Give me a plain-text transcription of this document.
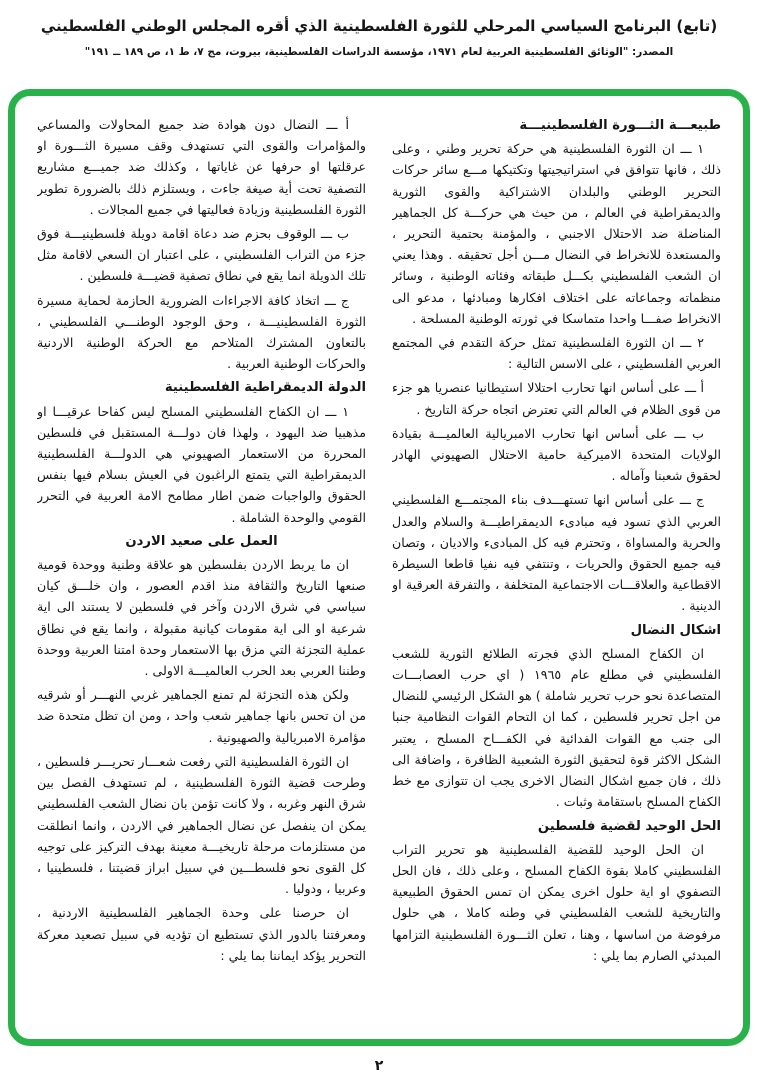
(تابع) البرنامج السياسي المرحلي للثورة الفلسطينية الذي أقره المجلس الوطني الفلسطيني
المصدر: "الوثائق الفلسطينية العربية لعام ١٩٧١، مؤسسة الدراسات الفلسطينية، بيروت، مج ٧، ط ١، ص ١٨٩ ــ ١٩١"
طبيعـــة الثـــورة الفلسطينيـــة

١ ـــ ان الثورة الفلسطينية هي حركة تحرير وطني ، وعلى ذلك ، فانها تتوافق في استراتيجيتها وتكتيكها مـــع سائر حركات التحرير الوطني والبلدان الاشتراكية والقوى الثورية والديمقراطية في العالم ، من حيث هي حركـــة كل الجماهير المناضلة ضد الاحتلال الاجنبي ، والمؤمنة بحتمية التحرير ، والمستعدة للانخراط في النضال مـــن أجل تحقيقه . وهذا يعني ان الشعب الفلسطيني بكـــل طبقاته وفئاته الوطنية ، وسائر منظماته وجماعاته على اختلاف افكارها ومبادئها ، مدعو الى الانخراط صفـــا واحدا متماسكا في ثورته الوطنية المسلحة .

٢ ـــ ان الثورة الفلسطينية تمثل حركة التقدم في المجتمع العربي الفلسطيني ، على الاسس التالية :

أ ـــ على أساس انها تحارب احتلالا استيطانيا عنصريا هو جزء من قوى الظلام في العالم التي تعترض اتجاه حركة التاريخ .

ب ـــ على أساس انها تحارب الامبريالية العالميـــة بقيادة الولايات المتحدة الاميركية حامية الاحتلال الصهيوني الهادر لحقوق شعبنا وآماله .

ج ـــ على أساس انها تستهـــدف بناء المجتمـــع الفلسطيني العربي الذي تسود فيه مبادىء الديمقراطيـــة والسلام والعدل والحرية والمساواة ، وتحترم فيه كل المبادىء والاديان ، وتصان فيه جميع الحقوق والحريات ، وتنتفي فيه نفيا قاطعا السيطرة الاقطاعية والعلاقـــات الاجتماعية المتخلفة ، والتفرقة العرقية او الدينية .

اشكال النضال

ان الكفاح المسلح الذي فجرته الطلائع الثورية للشعب الفلسطيني في مطلع عام ١٩٦٥ ( اي حرب العصابـــات المتصاعدة نحو حرب تحرير شاملة ) هو الشكل الرئيسي للنضال من اجل تحرير فلسطين ، كما ان التحام القوات النظامية جنبا الى جنب مع القوات الفدائية في الكفـــاح المسلح ، يعتبر الشكل الاكثر قوة لتحقيق الثورة الشعبية الظافرة ، واضافة الى ذلك ، فان جميع اشكال النضال الاخرى يجب ان تتوازى مع خط الكفاح المسلح باستقامة وثبات .

الحل الوحيد لقضية فلسطين

ان الحل الوحيد للقضية الفلسطينية هو تحرير التراب الفلسطيني كاملا بقوة الكفاح المسلح ، وعلى ذلك ، فان الحل التصفوي او اية حلول اخرى يمكن ان تمس الحقوق الطبيعية والتاريخية للشعب الفلسطيني في وطنه كاملا ، هي حلول مرفوضة من اساسها ، وهنا ، تعلن الثـــورة الفلسطينية التزامها المبدئي الصارم بما يلي :

أ ـــ النضال دون هوادة ضد جميع المحاولات والمساعي والمؤامرات والقوى التي تستهدف وقف مسيرة الثـــورة او عرقلتها او حرفها عن غاياتها ، وكذلك ضد جميـــع مشاريع التصفية تحت أية صيغة جاءت ، ويستلزم ذلك بالضرورة تطوير الثورة الفلسطينية وزيادة فعاليتها في جميع المجالات .

ب ـــ الوقوف بحزم ضد دعاة اقامة دويلة فلسطينيـــة فوق جزء من التراب الفلسطيني ، على اعتبار ان السعي لاقامة مثل تلك الدويلة انما يقع في نطاق تصفية قضيـــة فلسطين .

ج ـــ اتخاذ كافة الاجراءات الضرورية الحازمة لحماية مسيرة الثورة الفلسطينيـــة ، وحق الوجود الوطنـــي الفلسطيني ، بالتعاون المشترك المتلاحم مع الحركة الوطنية الاردنية والحركات الوطنية العربية .

الدولة الديمقراطية الفلسطينية

١ ـــ ان الكفاح الفلسطيني المسلح ليس كفاحا عرقيـــا او مذهبيا ضد اليهود ، ولهذا فان دولـــة المستقبل في فلسطين المحررة من الاستعمار الصهيوني هي الدولـــة الفلسطينية الديمقراطية التي يتمتع الراغبون في العيش بسلام فيها بنفس الحقوق والواجبات ضمن اطار مطامح الامة العربية في التحرر القومي والوحدة الشاملة .

العمل على صعيد الاردن

ان ما يربط الاردن بفلسطين هو علاقة وطنية ووحدة قومية صنعها التاريخ والثقافة منذ اقدم العصور ، وان خلـــق كيان سياسي في شرق الاردن وآخر في فلسطين لا يستند الى اية شرعية او الى اية مقومات كيانية مقبولة ، وانما يقع في نطاق عملية التجزئة التي مزق بها الاستعمار وحدة امتنا العربية ووحدة وطننا العربي بعد الحرب العالميـــة الاولى .

ولكن هذه التجزئة لم تمنع الجماهير غربي النهـــر أو شرقيه من ان تحس بانها جماهير شعب واحد ، ومن ان تظل متحدة ضد مؤامرة الامبريالية والصهيونية .

ان الثورة الفلسطينية التي رفعت شعـــار تحريـــر فلسطين ، وطرحت قضية الثورة الفلسطينية ، لم تستهدف الفصل بين شرق النهر وغربه ، ولا كانت تؤمن بان نضال الشعب الفلسطيني يمكن ان ينفصل عن نضال الجماهير في الاردن ، وانما انطلقت من مستلزمات مرحلة تاريخيـــة معينة بهدف التركيز على توجيه كل القوى نحو فلسطـــين في سبيل ابراز قضيتنا ، فلسطينيا ، وعربيا ، ودوليا .

ان حرصنا على وحدة الجماهير الفلسطينية الاردنية ، ومعرفتنا بالدور الذي تستطيع ان تؤديه في سبيل تصعيد معركة التحرير يؤكد ايماننا بما يلي :

٢
